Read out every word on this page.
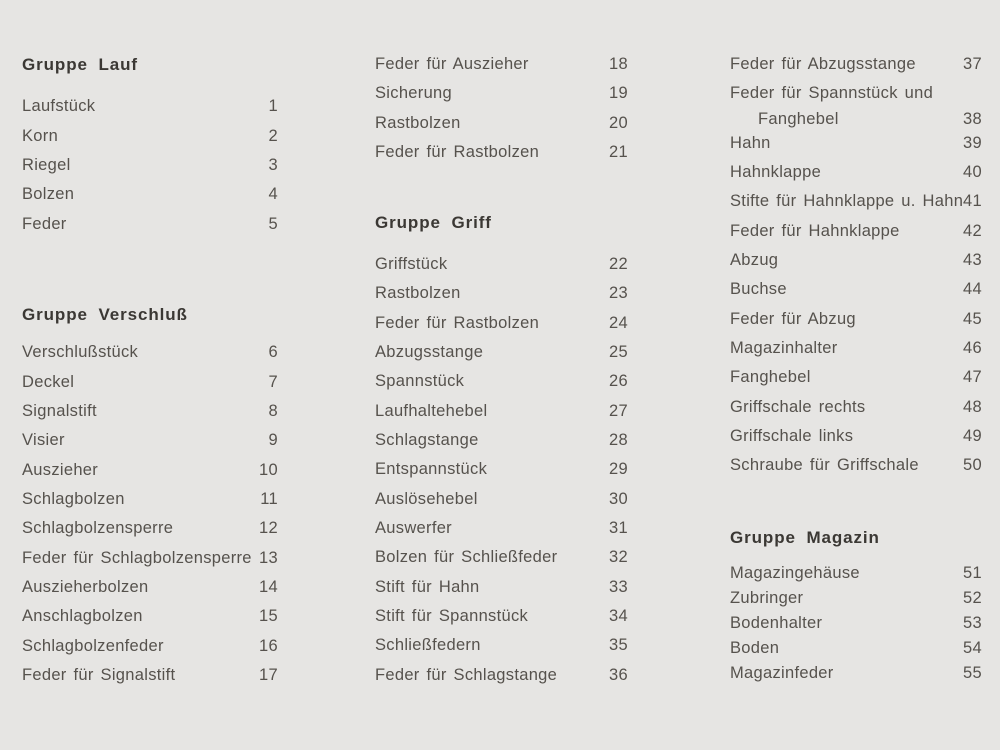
Gruppe Lauf
Laufstück	1
Korn	2
Riegel	3
Bolzen	4
Feder	5
Gruppe Verschluß
Verschlußstück	6
Deckel	7
Signalstift	8
Visier	9
Auszieher	10
Schlagbolzen	11
Schlagbolzensperre	12
Feder für Schlagbolzensperre 13
Auszieherbolzen	14
Anschlagbolzen	15
Schlagbolzenfeder	16
Feder für Signalstift	17
Feder für Auszieher	18
Sicherung	19
Rastbolzen	20
Feder für Rastbolzen	21
Gruppe Griff
Griffstück	22
Rastbolzen	23
Feder für Rastbolzen	24
Abzugsstange	25
Spannstück	26
Laufhaltehebel	27
Schlagstange	28
Entspannstück	29
Auslösehebel	30
Auswerfer	31
Bolzen für Schließfeder	32
Stift für Hahn	33
Stift für Spannstück	34
Schließfedern	35
Feder für Schlagstange	36
Feder für Abzugsstange	37
Feder für Spannstück und
Fanghebel	38
Hahn	39
Hahnklappe	40
Stifte für Hahnklappe u. Hahn 41
Feder für Hahnklappe	42
Abzug	43
Buchse	44
Feder für Abzug	45
Magazinhalter	46
Fanghebel	47
Griffschale rechts	48
Griffschale links	49
Schraube für Griffschale	50
Gruppe Magazin
Magazingehäuse	51
Zubringer	52
Bodenhalter	53
Boden	54
Magazinfeder	55
